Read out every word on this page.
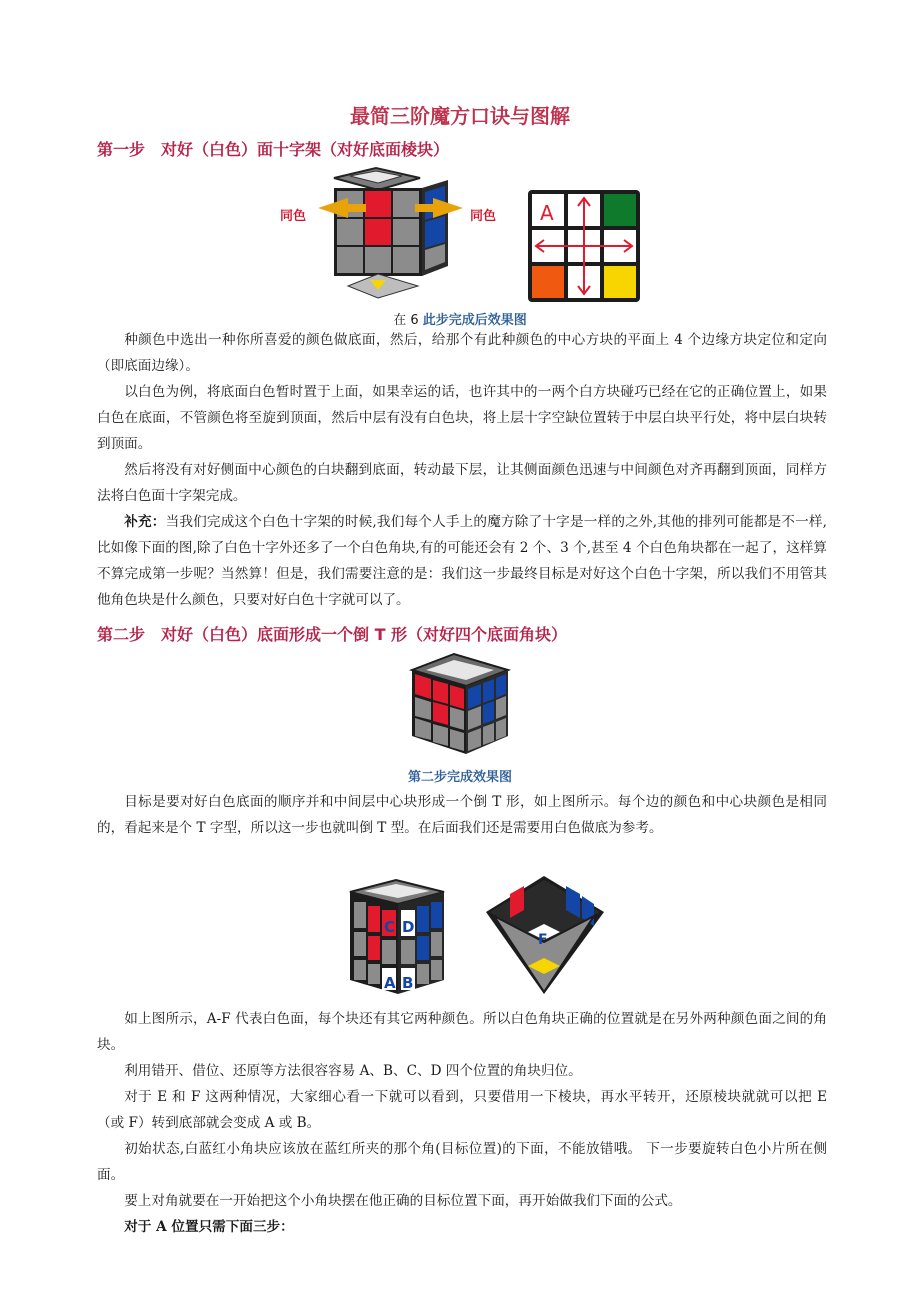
最简三阶魔方口诀与图解
第一步　对好（白色）面十字架（对好底面棱块）
同色	同色 A
在 6 此步完成后效果图
种颜色中选出一种你所喜爱的颜色做底面，然后，给那个有此种颜色的中心方块的平面上 4 个边缘方块定位和定向（即底面边缘）。
以白色为例，将底面白色暂时置于上面，如果幸运的话，也许其中的一两个白方块碰巧已经在它的正确位置上，如果白色在底面，不管颜色将至旋到顶面，然后中层有没有白色块，将上层十字空缺位置转于中层白块平行处，将中层白块转到顶面。
然后将没有对好侧面中心颜色的白块翻到底面，转动最下层，让其侧面颜色迅速与中间颜色对齐再翻到顶面，同样方法将白色面十字架完成。
补充：当我们完成这个白色十字架的时候,我们每个人手上的魔方除了十字是一样的之外,其他的排列可能都是不一样,比如像下面的图,除了白色十字外还多了一个白色角块,有的可能还会有 2 个、3 个,甚至 4 个白色角块都在一起了，这样算不算完成第一步呢？当然算！但是，我们需要注意的是：我们这一步最终目标是对好这个白色十字架，所以我们不用管其他角色块是什么颜色，只要对好白色十字就可以了。
第二步　对好（白色）底面形成一个倒 T 形（对好四个底面角块）
第二步完成效果图
目标是要对好白色底面的顺序并和中间层中心块形成一个倒 T 形，如上图所示。每个边的颜色和中心块颜色是相同的，看起来是个 T 字型，所以这一步也就叫倒 T 型。在后面我们还是需要用白色做底为参考。
C D
A B
F
如上图所示，A-F 代表白色面，每个块还有其它两种颜色。所以白色角块正确的位置就是在另外两种颜色面之间的角块。
利用错开、借位、还原等方法很容容易 A、B、C、D 四个位置的角块归位。
对于 E 和 F 这两种情况，大家细心看一下就可以看到，只要借用一下棱块，再水平转开，还原棱块就就可以把 E（或 F）转到底部就会变成 A 或 B。
初始状态,白蓝红小角块应该放在蓝红所夹的那个角(目标位置)的下面，不能放错哦。 下一步要旋转白色小片所在侧面。
要上对角就要在一开始把这个小角块摆在他正确的目标位置下面，再开始做我们下面的公式。
对于 A 位置只需下面三步：
